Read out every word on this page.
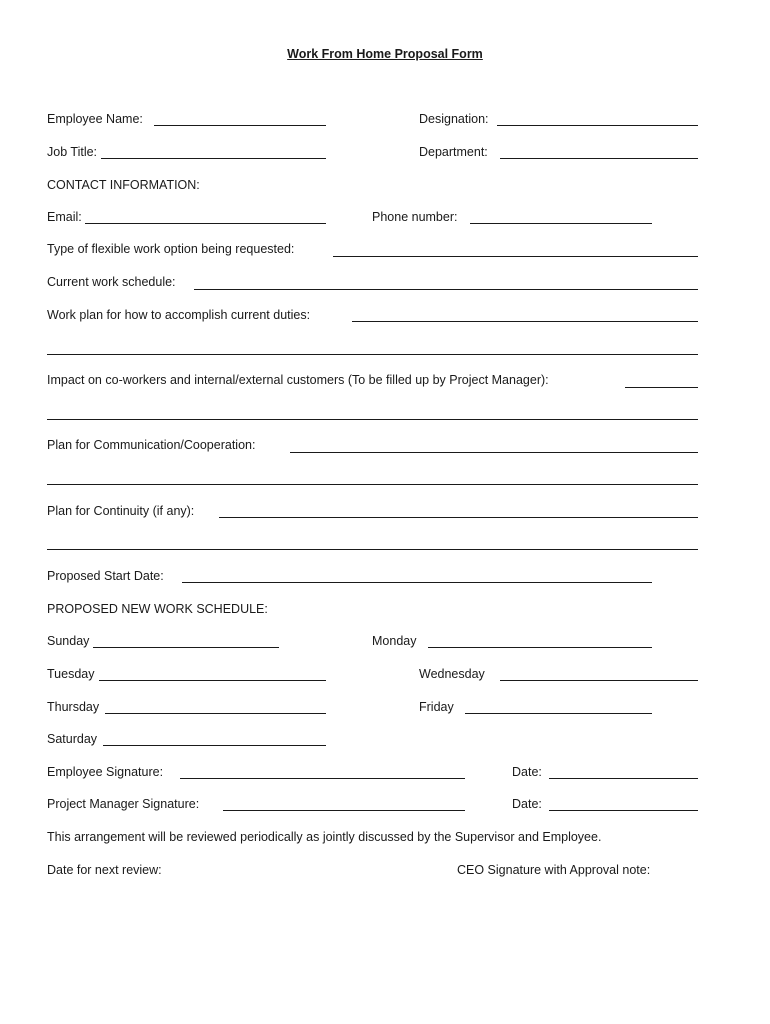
Work From Home Proposal Form
Employee Name:	Designation:
Job Title:	Department:
CONTACT INFORMATION:
Email:	Phone number:
Type of flexible work option being requested:
Current work schedule:
Work plan for how to accomplish current duties:
Impact on co-workers and internal/external customers (To be filled up by Project Manager):
Plan for Communication/Cooperation:
Plan for Continuity (if any):
Proposed Start Date:
PROPOSED NEW WORK SCHEDULE:
Sunday	Monday
Tuesday	Wednesday
Thursday	Friday
Saturday
Employee Signature:	Date:
Project Manager Signature:	Date:
This arrangement will be reviewed periodically as jointly discussed by the Supervisor and Employee.
Date for next review:	CEO Signature with Approval note:
